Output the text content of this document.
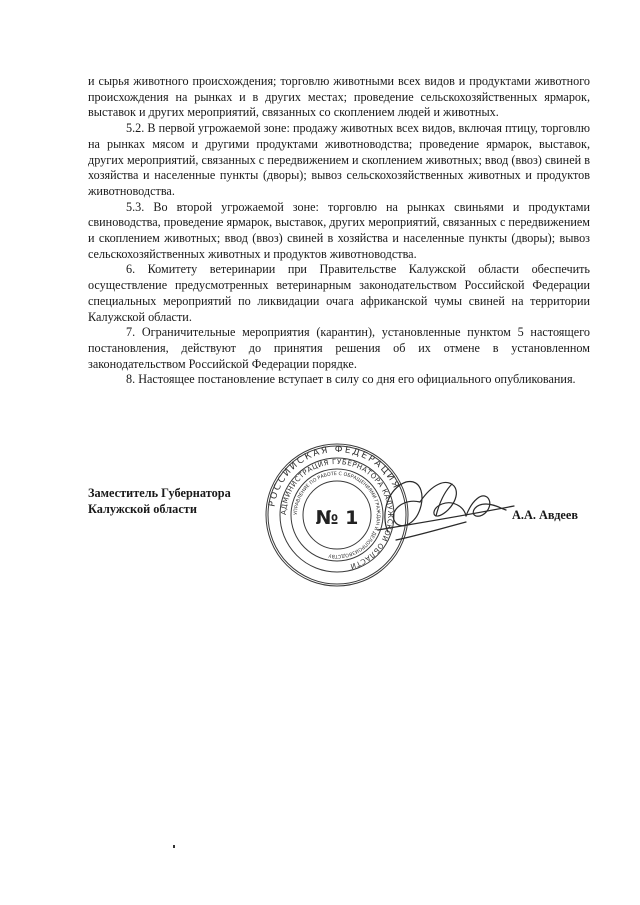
и сырья животного происхождения; торговлю животными всех видов и продуктами животного происхождения на рынках и в других местах; проведение сельскохозяйственных ярмарок, выставок и других мероприятий, связанных со скоплением людей и животных.

5.2. В первой угрожаемой зоне: продажу животных всех видов, включая птицу, торговлю на рынках мясом и другими продуктами животноводства; проведение ярмарок, выставок, других мероприятий, связанных с передвижением и скоплением животных; ввод (ввоз) свиней в хозяйства и населенные пункты (дворы); вывоз сельскохозяйственных животных и продуктов животноводства.

5.3. Во второй угрожаемой зоне: торговлю на рынках свиньями и продуктами свиноводства, проведение ярмарок, выставок, других мероприятий, связанных с передвижением и скоплением животных; ввод (ввоз) свиней в хозяйства и населенные пункты (дворы); вывоз сельскохозяйственных животных и продуктов животноводства.

6. Комитету ветеринарии при Правительстве Калужской области обеспечить осуществление предусмотренных ветеринарным законодательством Российской Федерации специальных мероприятий по ликвидации очага африканской чумы свиней на территории Калужской области.

7. Ограничительные мероприятия (карантин), установленные пунктом 5 настоящего постановления, действуют до принятия решения об их отмене в установленном законодательством Российской Федерации порядке.

8. Настоящее постановление вступает в силу со дня его официального опубликования.

Заместитель Губернатора
Калужской области	РОССИЙСКАЯ ФЕДЕРАЦИЯ
АДМИНИСТРАЦИЯ ГУБЕРНАТОРА КАЛУЖСКОЙ ОБЛАСТИ
УПРАВЛЕНИЕ ПО РАБОТЕ С ОБРАЩЕНИЯМИ ГРАЖДАН И ДЕЛОПРОИЗВОДСТВУ
№ 1	А.А. Авдеев
